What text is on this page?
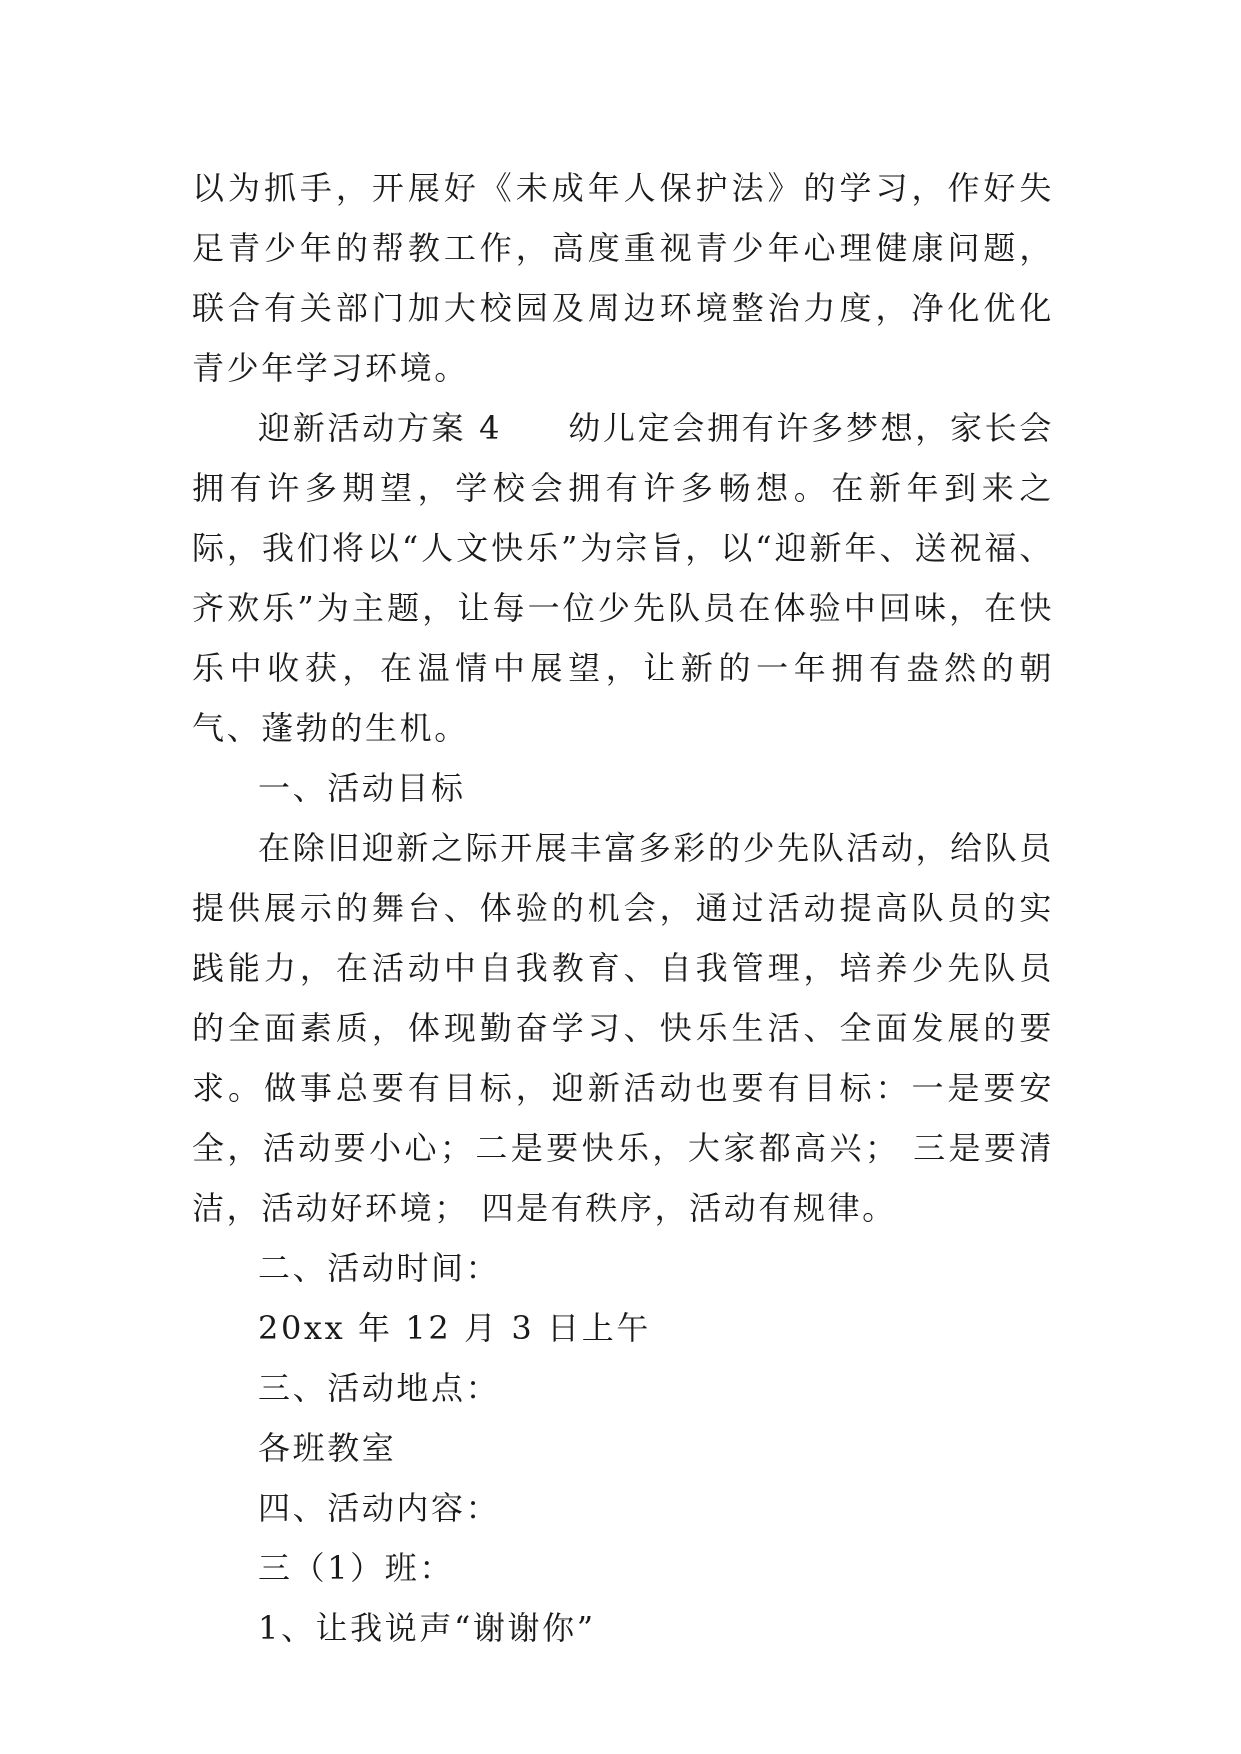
以为抓手，开展好《未成年人保护法》的学习，作好失足青少年的帮教工作，高度重视青少年心理健康问题，联合有关部门加大校园及周边环境整治力度，净化优化青少年学习环境。

迎新活动方案 4 幼儿定会拥有许多梦想，家长会拥有许多期望，学校会拥有许多畅想。在新年到来之际，我们将以“人文快乐”为宗旨，以“迎新年、送祝福、齐欢乐”为主题，让每一位少先队员在体验中回味，在快乐中收获，在温情中展望，让新的一年拥有盎然的朝气、蓬勃的生机。

一、活动目标

在除旧迎新之际开展丰富多彩的少先队活动，给队员提供展示的舞台、体验的机会，通过活动提高队员的实践能力，在活动中自我教育、自我管理，培养少先队员的全面素质，体现勤奋学习、快乐生活、全面发展的要求。做事总要有目标，迎新活动也要有目标：一是要安全，活动要小心；二是要快乐，大家都高兴； 三是要清洁，活动好环境； 四是有秩序，活动有规律。

二、活动时间：

20xx 年 12 月 3 日上午

三、活动地点：

各班教室

四、活动内容：

三（1）班：

1、让我说声“谢谢你”
